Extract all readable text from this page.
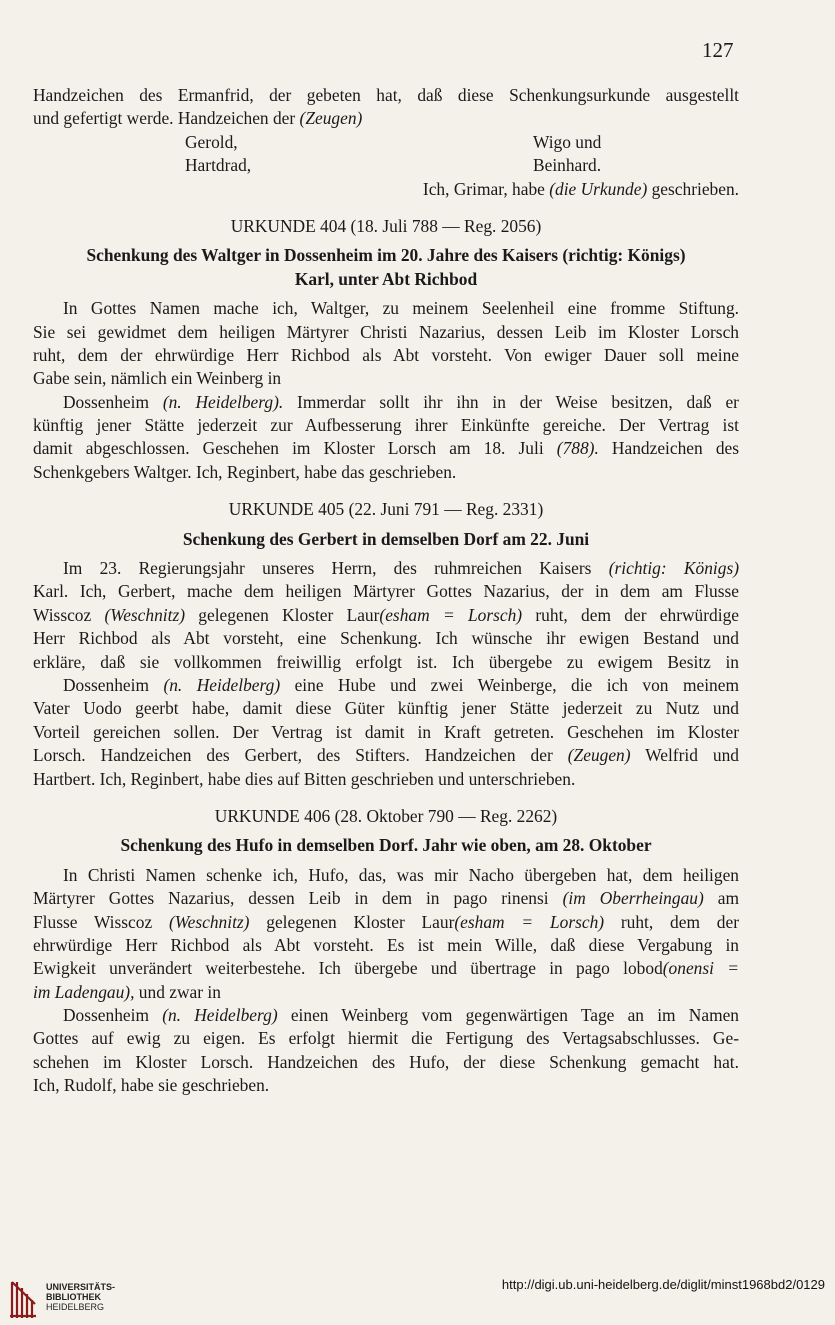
127
Handzeichen des Ermanfrid, der gebeten hat, daß diese Schenkungsurkunde ausgestellt
und gefertigt werde. Handzeichen der (Zeugen)
Gerold,	Wigo und
Hartdrad,	Beinhard.
Ich, Grimar, habe (die Urkunde) geschrieben.
URKUNDE 404 (18. Juli 788 — Reg. 2056)
Schenkung des Waltger in Dossenheim im 20. Jahre des Kaisers (richtig: Königs)
Karl, unter Abt Richbod
In Gottes Namen mache ich, Waltger, zu meinem Seelenheil eine fromme Stiftung.
Sie sei gewidmet dem heiligen Märtyrer Christi Nazarius, dessen Leib im Kloster Lorsch
ruht, dem der ehrwürdige Herr Richbod als Abt vorsteht. Von ewiger Dauer soll meine
Gabe sein, nämlich ein Weinberg in
Dossenheim (n. Heidelberg). Immerdar sollt ihr ihn in der Weise besitzen, daß er
künftig jener Stätte jederzeit zur Aufbesserung ihrer Einkünfte gereiche. Der Vertrag ist
damit abgeschlossen. Geschehen im Kloster Lorsch am 18. Juli (788). Handzeichen des
Schenkgebers Waltger. Ich, Reginbert, habe das geschrieben.
URKUNDE 405 (22. Juni 791 — Reg. 2331)
Schenkung des Gerbert in demselben Dorf am 22. Juni
Im 23. Regierungsjahr unseres Herrn, des ruhmreichen Kaisers (richtig: Königs)
Karl. Ich, Gerbert, mache dem heiligen Märtyrer Gottes Nazarius, der in dem am Flusse
Wisscoz (Weschnitz) gelegenen Kloster Laur(esham = Lorsch) ruht, dem der ehrwürdige
Herr Richbod als Abt vorsteht, eine Schenkung. Ich wünsche ihr ewigen Bestand und
erkläre, daß sie vollkommen freiwillig erfolgt ist. Ich übergebe zu ewigem Besitz in
Dossenheim (n. Heidelberg) eine Hube und zwei Weinberge, die ich von meinem
Vater Uodo geerbt habe, damit diese Güter künftig jener Stätte jederzeit zu Nutz und
Vorteil gereichen sollen. Der Vertrag ist damit in Kraft getreten. Geschehen im Kloster
Lorsch. Handzeichen des Gerbert, des Stifters. Handzeichen der (Zeugen) Welfrid und
Hartbert. Ich, Reginbert, habe dies auf Bitten geschrieben und unterschrieben.
URKUNDE 406 (28. Oktober 790 — Reg. 2262)
Schenkung des Hufo in demselben Dorf. Jahr wie oben, am 28. Oktober
In Christi Namen schenke ich, Hufo, das, was mir Nacho übergeben hat, dem heiligen
Märtyrer Gottes Nazarius, dessen Leib in dem in pago rinensi (im Oberrheingau) am
Flusse Wisscoz (Weschnitz) gelegenen Kloster Laur(esham = Lorsch) ruht, dem der
ehrwürdige Herr Richbod als Abt vorsteht. Es ist mein Wille, daß diese Vergabung in
Ewigkeit unverändert weiterbestehe. Ich übergebe und übertrage in pago lobod(onensi =
im Ladengau), und zwar in
Dossenheim (n. Heidelberg) einen Weinberg vom gegenwärtigen Tage an im Namen
Gottes auf ewig zu eigen. Es erfolgt hiermit die Fertigung des Vertagsabschlusses. Ge-
schehen im Kloster Lorsch. Handzeichen des Hufo, der diese Schenkung gemacht hat.
Ich, Rudolf, habe sie geschrieben.
UNIVERSITÄTS-
BIBLIOTHEK
HEIDELBERG
http://digi.ub.uni-heidelberg.de/diglit/minst1968bd2/0129
